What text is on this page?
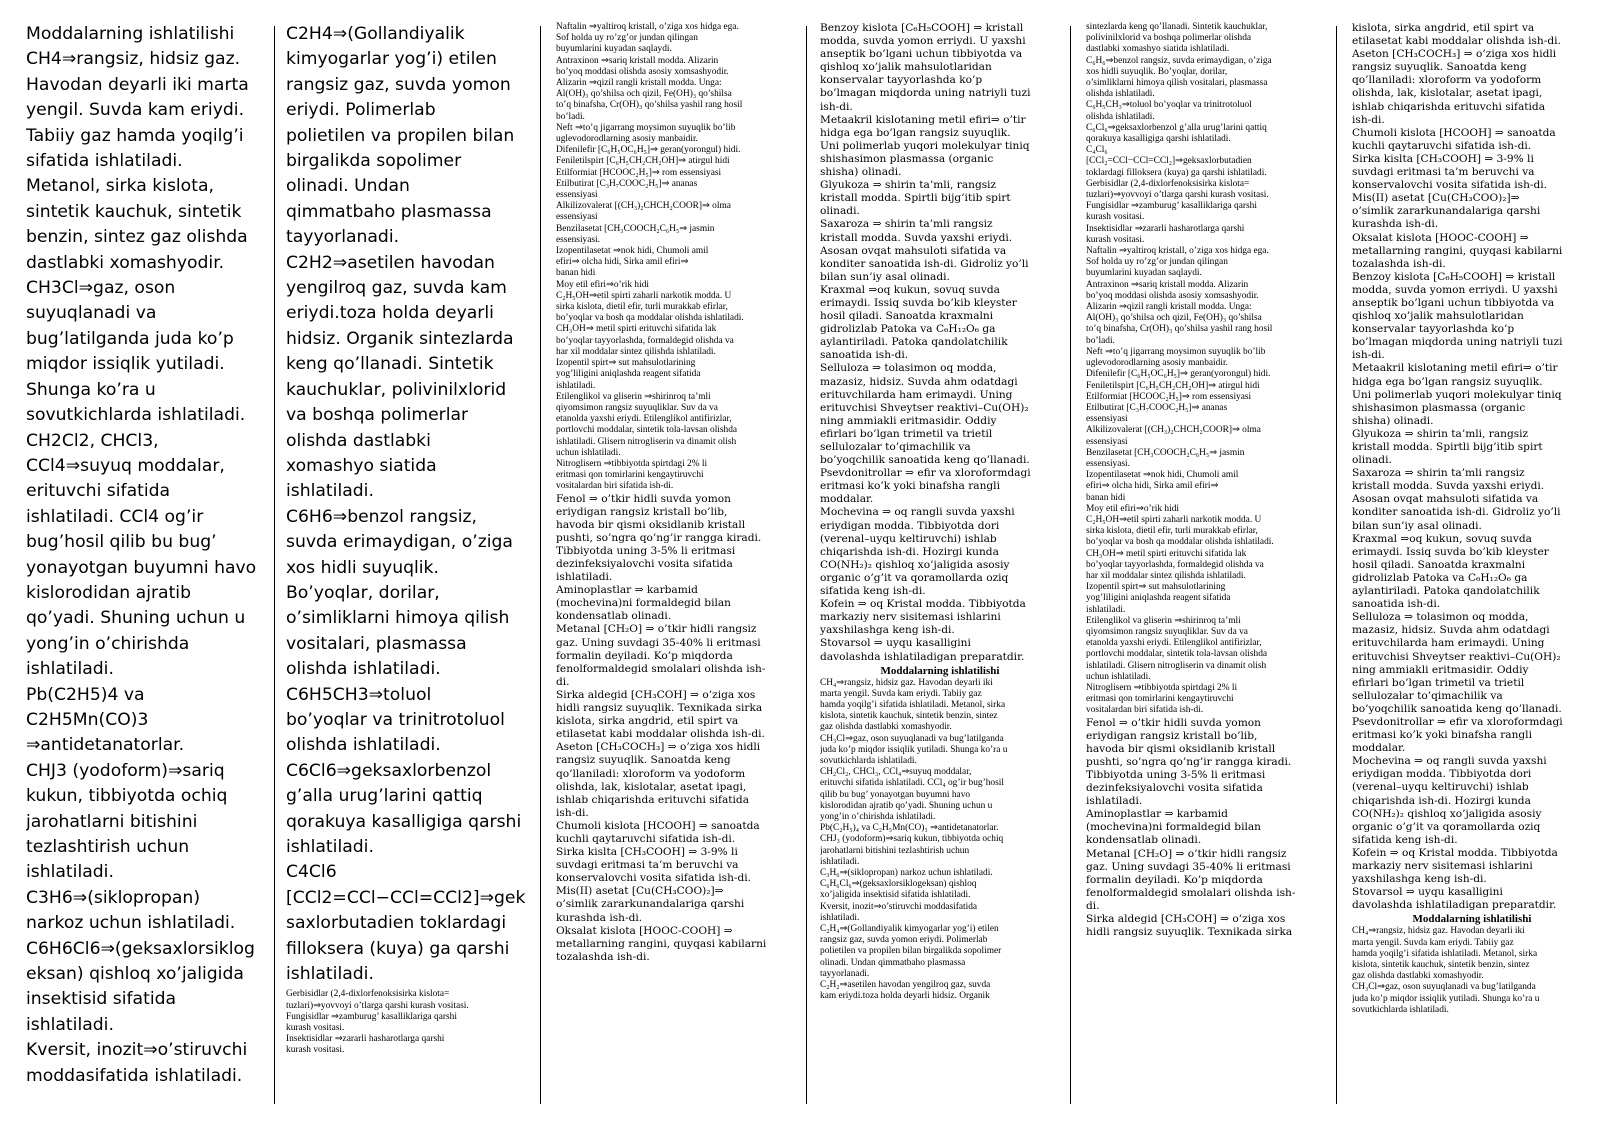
Moddalarning ishlatilishi

CH4⇒rangsiz, hidsiz gaz.

Havodan deyarli iki marta

yengil. Suvda kam eriydi.

Tabiiy gaz hamda yoqilg’i

sifatida ishlatiladi.

Metanol, sirka kislota,

sintetik kauchuk, sintetik

benzin, sintez gaz olishda

dastlabki xomashyodir.

CH3Cl⇒gaz, oson

suyuqlanadi va

bug’latilganda juda ko’p

miqdor issiqlik yutiladi.

Shunga ko’ra u

sovutkichlarda ishlatiladi.

CH2Cl2, CHCl3,

CCl4⇒suyuq moddalar,

erituvchi sifatida

ishlatiladi. CCl4 og’ir

bug’hosil qilib bu bug’

yonayotgan buyumni havo

kislorodidan ajratib

qo’yadi. Shuning uchun u

yong’in o’chirishda

ishlatiladi.

Pb(C2H5)4 va

C2H5Mn(CO)3

⇒antidetanatorlar.

CHJ3 (yodoform)⇒sariq

kukun, tibbiyotda ochiq

jarohatlarni bitishini

tezlashtirish uchun

ishlatiladi.

C3H6⇒(siklopropan)

narkoz uchun ishlatiladi.

C6H6Cl6⇒(geksaxlorsiklog

eksan) qishloq xo’jaligida

insektisid sifatida

ishlatiladi.

Kversit, inozit⇒o’stiruvchi

moddasifatida ishlatiladi.

C2H4⇒(Gollandiyalik

kimyogarlar yog’i) etilen

rangsiz gaz, suvda yomon

eriydi. Polimerlab

polietilen va propilen bilan

birgalikda sopolimer

olinadi. Undan

qimmatbaho plasmassa

tayyorlanadi.

C2H2⇒asetilen havodan

yengilroq gaz, suvda kam

eriydi.toza holda deyarli

hidsiz. Organik sintezlarda

keng qo’llanadi. Sintetik

kauchuklar, polivinilxlorid

va boshqa polimerlar

olishda dastlabki

xomashyo siatida

ishlatiladi.

C6H6⇒benzol rangsiz,

suvda erimaydigan, o’ziga

xos hidli suyuqlik.

Bo’yoqlar, dorilar,

o’simliklarni himoya qilish

vositalari, plasmassa

olishda ishlatiladi.

C6H5CH3⇒toluol

bo’yoqlar va trinitrotoluol

olishda ishlatiladi.

C6Cl6⇒geksaxlorbenzol

g’alla urug’larini qattiq

qorakuya kasalligiga qarshi

ishlatiladi.

C4Cl6

[CCl2=CCl−CCl=CCl2]⇒gek

saxlorbutadien toklardagi

filloksera (kuya) ga qarshi

ishlatiladi.

Gerbisidlar (2,4-dixlorfenoksisirka kislota=

tuzlari)⇒yovvoyi o’tlarga qarshi kurash vositasi.

Fungisidlar ⇒zamburug’ kasalliklariga qarshi

kurash vositasi.

Insektisidlar ⇒zararli hasharotlarga qarshi

kurash vositasi.

Naftalin ⇒yaltiroq kristall, o’ziga xos hidga ega.

Sof holda uy ro’zg’or jundan qilingan

buyumlarini kuyadan saqlaydi.

Antraxinon ⇒sariq kristall modda. Alizarin

bo’yoq moddasi olishda asosiy xomsashyodir.

Alizarin ⇒qizil rangli kristall modda. Unga:

Al(OH)₃ qo’shilsa och qizil, Fe(OH)₃ qo’shilsa

to’q binafsha, Cr(OH)₃ qo’shilsa yashil rang hosil

bo’ladi.

Neft ⇒to’q jigarrang moysimon suyuqlik bo’lib

uglevodorodlarning asosiy manbaidir.

Difenilefir [C₆H₅OC₆H₅]⇒ geran(yorongul) hidi.

Feniletilspirt [C₆H₅CH₂CH₂OH]⇒ atirgul hidi

Etilformiat [HCOOC₂H₅]⇒ rom essensiyasi

Etilbutirat [C₃H₇COOC₂H₅]⇒ ananas

essensiyasi

Alkilizovalerat [(CH₃)₂CHCH₂COOR]⇒ olma

essensiyasi

Benzilasetat [CH₃COOCH₂C₆H₅⇒ jasmin

essensiyasi.

Izopentilasetat ⇒nok hidi, Chumoli amil

efiri⇒ olcha hidi, Sirka amil efiri⇒

banan hidi

Moy etil efiri⇒o’rik hidi

C₂H₅OH⇒etil spirti zaharli narkotik modda. U

sirka kislota, dietil efir, turli murakkab efirlar,

bo’yoqlar va bosh qa moddalar olishda ishlatiladi.

CH₃OH⇒ metil spirti erituvchi sifatida lak

bo’yoqlar tayyorlashda, formaldegid olishda va

har xil moddalar sintez qilishda ishlatiladi.

Izopentil spirt⇒ sut mahsulotlarining

yog’liligini aniqlashda reagent sifatida

ishlatiladi.

Etilenglikol va gliserin ⇒shirinroq ta’mli

qiyomsimon rangsiz suyuqliklar. Suv da va

etanolda yaxshi eriydi. Etilenglikol antifirizlar,

portlovchi moddalar, sintetik tola-lavsan olishda

ishlatiladi. Glisern nitrogliserin va dinamit olish

uchun ishlatiladi.

Nitroglisern ⇒tibbiyotda spirtdagi 2% li

eritmasi qon tomirlarini kengaytiruvchi

vositalardan biri sifatida ish-di.

Fenol ⇒ o’tkir hidli suvda yomon

eriydigan rangsiz kristall bo’lib,

havoda bir qismi oksidlanib kristall

pushti, so’ngra qo’ng’ir rangga kiradi.

Tibbiyotda uning 3-5% li eritmasi

dezinfeksiyalovchi vosita sifatida

ishlatiladi.

Aminoplastlar ⇒ karbamid

(mochevina)ni formaldegid bilan

kondensatlab olinadi.

Metanal [CH₂O] ⇒ o’tkir hidli rangsiz

gaz. Uning suvdagi 35-40% li eritmasi

formalin deyiladi. Ko’p miqdorda

fenolformaldegid smolalari olishda ish-

di.

Sirka aldegid [CH₃COH] ⇒ o’ziga xos

hidli rangsiz suyuqlik. Texnikada sirka

kislota, sirka angdrid, etil spirt va

etilasetat kabi moddalar olishda ish-di.

Aseton [CH₃COCH₃] ⇒ o’ziga xos hidli

rangsiz suyuqlik. Sanoatda keng

qo’llaniladi: xloroform va yodoform

olishda, lak, kislotalar, asetat ipagi,

ishlab chiqarishda erituvchi sifatida

ish-di.

Chumoli kislota [HCOOH] ⇒ sanoatda

kuchli qaytaruvchi sifatida ish-di.

Sirka kislta [CH₃COOH] ⇒ 3-9% li

suvdagi eritmasi ta’m beruvchi va

konservalovchi vosita sifatida ish-di.

Mis(II) asetat [Cu(CH₃COO)₂]⇒

o’simlik zararkunandalariga qarshi

kurashda ish-di.

Oksalat kislota [HOOC-COOH] ⇒

metallarning rangini, quyqasi kabilarni

tozalashda ish-di.

Benzoy kislota [C₆H₅COOH] ⇒ kristall

modda, suvda yomon erriydi. U yaxshi

anseptik bo’lgani uchun tibbiyotda va

qishloq xo’jalik mahsulotlaridan

konservalar tayyorlashda ko’p

bo’lmagan miqdorda uning natriyli tuzi

ish-di.

Metaakril kislotaning metil efiri⇒ o’tir

hidga ega bo’lgan rangsiz suyuqlik.

Uni polimerlab yuqori molekulyar tiniq

shishasimon plasmassa (organic

shisha) olinadi.

Glyukoza ⇒ shirin ta’mli, rangsiz

kristall modda. Spirtli bijg’itib spirt

olinadi.

Saxaroza ⇒ shirin ta’mli rangsiz

kristall modda. Suvda yaxshi eriydi.

Asosan ovqat mahsuloti sifatida va

konditer sanoatida ish-di. Gidroliz yo’li

bilan sun’iy asal olinadi.

Kraxmal ⇒oq kukun, sovuq suvda

erimaydi. Issiq suvda bo’kib kleyster

hosil qiladi. Sanoatda kraxmalni

gidrolizlab Patoka va C₆H₁₂O₆ ga

aylantiriladi. Patoka qandolatchilik

sanoatida ish-di.

Selluloza ⇒ tolasimon oq modda,

mazasiz, hidsiz. Suvda ahm odatdagi

erituvchilarda ham erimaydi. Uning

erituvchisi Shveytser reaktivi–Cu(OH)₂

ning ammiakli eritmasidir. Oddiy

efirlari bo’lgan trimetil va trietil

sellulozalar to’qimachilik va

bo’yoqchilik sanoatida keng qo’llanadi.

Psevdonitrollar ⇒ efir va xloroformdagi

eritmasi ko’k yoki binafsha rangli

moddalar.

Mochevina ⇒ oq rangli suvda yaxshi

eriydigan modda. Tibbiyotda dori

(verenal–uyqu keltiruvchi) ishlab

chiqarishda ish-di. Hozirgi kunda

CO(NH₂)₂ qishloq xo’jaligida asosiy

organic o’g’it va qoramollarda oziq

sifatida keng ish-di.

Kofein ⇒ oq Kristal modda. Tibbiyotda

markaziy nerv sisitemasi ishlarini

yaxshilashga keng ish-di.

Stovarsol ⇒ uyqu kasalligini

davolashda ishlatiladigan preparatdir.

Moddalarning ishlatilishi

CH₄⇒rangsiz, hidsiz gaz. Havodan deyarli iki

marta yengil. Suvda kam eriydi. Tabiiy gaz

hamda yoqilg’i sifatida ishlatiladi. Metanol, sirka

kislota, sintetik kauchuk, sintetik benzin, sintez

gaz olishda dastlabki xomashyodir.

CH₃Cl⇒gaz, oson suyuqlanadi va bug’latilganda

juda ko’p miqdor issiqlik yutiladi. Shunga ko’ra u

sovutkichlarda ishlatiladi.

CH₂Cl₂, CHCl₃, CCl₄⇒suyuq moddalar,

erituvchi sifatida ishlatiladi. CCl₄ og’ir bug’hosil

qilib bu bug’ yonayotgan buyumni havo

kislorodidan ajratib qo’yadi. Shuning uchun u

yong’in o’chirishda ishlatiladi.

Pb(C₂H₅)₄ va C₂H₅Mn(CO)₃ ⇒antidetanatorlar.

CHJ₃ (yodoform)⇒sariq kukun, tibbiyotda ochiq

jarohatlarni bitishini tezlashtirish uchun

ishlatiladi.

C₃H₆⇒(siklopropan) narkoz uchun ishlatiladi.

C₆H₆Cl₆⇒(geksaxlorsiklogeksan) qishloq

xo’jaligida insektisid sifatida ishlatiladi.

Kversit, inozit⇒o’stiruvchi moddasifatida

ishlatiladi.

C₂H₄⇒(Gollandiyalik kimyogarlar yog’i) etilen

rangsiz gaz, suvda yomon eriydi. Polimerlab

polietilen va propilen bilan birgalikda sopolimer

olinadi. Undan qimmatbaho plasmassa

tayyorlanadi.

C₂H₂⇒asetilen havodan yengilroq gaz, suvda

kam eriydi.toza holda deyarli hidsiz. Organik

sintezlarda keng qo’llanadi. Sintetik kauchuklar,

polivinilxlorid va boshqa polimerlar olishda

dastlabki xomashyo siatida ishlatiladi.

C₆H₆⇒benzol rangsiz, suvda erimaydigan, o’ziga

xos hidli suyuqlik. Bo’yoqlar, dorilar,

o’simliklarni himoya qilish vositalari, plasmassa

olishda ishlatiladi.

C₆H₅CH₃⇒toluol bo’yoqlar va trinitrotoluol

olishda ishlatiladi.

C₆Cl₆⇒geksaxlorbenzol g’alla urug’larini qattiq

qorakuya kasalligiga qarshi ishlatiladi.

C₄Cl₆

[CCl₂=CCl−CCl=CCl₂]⇒geksaxlorbutadien

toklardagi filloksera (kuya) ga qarshi ishlatiladi.

Gerbisidlar (2,4-dixlorfenoksisirka kislota=

tuzlari)⇒yovvoyi o’tlarga qarshi kurash vositasi.

Fungisidlar ⇒zamburug’ kasalliklariga qarshi

kurash vositasi.

Insektisidlar ⇒zararli hasharotlarga qarshi

kurash vositasi.

Naftalin ⇒yaltiroq kristall, o’ziga xos hidga ega.

Sof holda uy ro’zg’or jundan qilingan

buyumlarini kuyadan saqlaydi.

Antraxinon ⇒sariq kristall modda. Alizarin

bo’yoq moddasi olishda asosiy xomsashyodir.

Alizarin ⇒qizil rangli kristall modda. Unga:

Al(OH)₃ qo’shilsa och qizil, Fe(OH)₃ qo’shilsa

to’q binafsha, Cr(OH)₃ qo’shilsa yashil rang hosil

bo’ladi.

Neft ⇒to’q jigarrang moysimon suyuqlik bo’lib

uglevodorodlarning asosiy manbaidir.

Difenilefir [C₆H₅OC₆H₅]⇒ geran(yorongul) hidi.

Feniletilspirt [C₆H₅CH₂CH₂OH]⇒ atirgul hidi

Etilformiat [HCOOC₂H₅]⇒ rom essensiyasi

Etilbutirat [C₃H₇COOC₂H₅]⇒ ananas

essensiyasi

Alkilizovalerat [(CH₃)₂CHCH₂COOR]⇒ olma

essensiyasi

Benzilasetat [CH₃COOCH₂C₆H₅⇒ jasmin

essensiyasi.

Izopentilasetat ⇒nok hidi, Chumoli amil

efiri⇒ olcha hidi, Sirka amil efiri⇒

banan hidi

Moy etil efiri⇒o’rik hidi

C₂H₅OH⇒etil spirti zaharli narkotik modda. U

sirka kislota, dietil efir, turli murakkab efirlar,

bo’yoqlar va bosh qa moddalar olishda ishlatiladi.

CH₃OH⇒ metil spirti erituvchi sifatida lak

bo’yoqlar tayyorlashda, formaldegid olishda va

har xil moddalar sintez qilishda ishlatiladi.

Izopentil spirt⇒ sut mahsulotlarining

yog’liligini aniqlashda reagent sifatida

ishlatiladi.

Etilenglikol va gliserin ⇒shirinroq ta’mli

qiyomsimon rangsiz suyuqliklar. Suv da va

etanolda yaxshi eriydi. Etilenglikol antifirizlar,

portlovchi moddalar, sintetik tola-lavsan olishda

ishlatiladi. Glisern nitrogliserin va dinamit olish

uchun ishlatiladi.

Nitroglisern ⇒tibbiyotda spirtdagi 2% li

eritmasi qon tomirlarini kengaytiruvchi

vositalardan biri sifatida ish-di.

Fenol ⇒ o’tkir hidli suvda yomon

eriydigan rangsiz kristall bo’lib,

havoda bir qismi oksidlanib kristall

pushti, so’ngra qo’ng’ir rangga kiradi.

Tibbiyotda uning 3-5% li eritmasi

dezinfeksiyalovchi vosita sifatida

ishlatiladi.

Aminoplastlar ⇒ karbamid

(mochevina)ni formaldegid bilan

kondensatlab olinadi.

Metanal [CH₂O] ⇒ o’tkir hidli rangsiz

gaz. Uning suvdagi 35-40% li eritmasi

formalin deyiladi. Ko’p miqdorda

fenolformaldegid smolalari olishda ish-

di.

Sirka aldegid [CH₃COH] ⇒ o’ziga xos

hidli rangsiz suyuqlik. Texnikada sirka

kislota, sirka angdrid, etil spirt va

etilasetat kabi moddalar olishda ish-di.

Aseton [CH₃COCH₃] ⇒ o’ziga xos hidli

rangsiz suyuqlik. Sanoatda keng

qo’llaniladi: xloroform va yodoform

olishda, lak, kislotalar, asetat ipagi,

ishlab chiqarishda erituvchi sifatida

ish-di.

Chumoli kislota [HCOOH] ⇒ sanoatda

kuchli qaytaruvchi sifatida ish-di.

Sirka kislta [CH₃COOH] ⇒ 3-9% li

suvdagi eritmasi ta’m beruvchi va

konservalovchi vosita sifatida ish-di.

Mis(II) asetat [Cu(CH₃COO)₂]⇒

o’simlik zararkunandalariga qarshi

kurashda ish-di.

Oksalat kislota [HOOC-COOH] ⇒

metallarning rangini, quyqasi kabilarni

tozalashda ish-di.

Benzoy kislota [C₆H₅COOH] ⇒ kristall

modda, suvda yomon erriydi. U yaxshi

anseptik bo’lgani uchun tibbiyotda va

qishloq xo’jalik mahsulotlaridan

konservalar tayyorlashda ko’p

bo’lmagan miqdorda uning natriyli tuzi

ish-di.

Metaakril kislotaning metil efiri⇒ o’tir

hidga ega bo’lgan rangsiz suyuqlik.

Uni polimerlab yuqori molekulyar tiniq

shishasimon plasmassa (organic

shisha) olinadi.

Glyukoza ⇒ shirin ta’mli, rangsiz

kristall modda. Spirtli bijg’itib spirt

olinadi.

Saxaroza ⇒ shirin ta’mli rangsiz

kristall modda. Suvda yaxshi eriydi.

Asosan ovqat mahsuloti sifatida va

konditer sanoatida ish-di. Gidroliz yo’li

bilan sun’iy asal olinadi.

Kraxmal ⇒oq kukun, sovuq suvda

erimaydi. Issiq suvda bo’kib kleyster

hosil qiladi. Sanoatda kraxmalni

gidrolizlab Patoka va C₆H₁₂O₆ ga

aylantiriladi. Patoka qandolatchilik

sanoatida ish-di.

Selluloza ⇒ tolasimon oq modda,

mazasiz, hidsiz. Suvda ahm odatdagi

erituvchilarda ham erimaydi. Uning

erituvchisi Shveytser reaktivi–Cu(OH)₂

ning ammiakli eritmasidir. Oddiy

efirlari bo’lgan trimetil va trietil

sellulozalar to’qimachilik va

bo’yoqchilik sanoatida keng qo’llanadi.

Psevdonitrollar ⇒ efir va xloroformdagi

eritmasi ko’k yoki binafsha rangli

moddalar.

Mochevina ⇒ oq rangli suvda yaxshi

eriydigan modda. Tibbiyotda dori

(verenal–uyqu keltiruvchi) ishlab

chiqarishda ish-di. Hozirgi kunda

CO(NH₂)₂ qishloq xo’jaligida asosiy

organic o’g’it va qoramollarda oziq

sifatida keng ish-di.

Kofein ⇒ oq Kristal modda. Tibbiyotda

markaziy nerv sisitemasi ishlarini

yaxshilashga keng ish-di.

Stovarsol ⇒ uyqu kasalligini

davolashda ishlatiladigan preparatdir.

Moddalarning ishlatilishi

CH₄⇒rangsiz, hidsiz gaz. Havodan deyarli iki

marta yengil. Suvda kam eriydi. Tabiiy gaz

hamda yoqilg’i sifatida ishlatiladi. Metanol, sirka

kislota, sintetik kauchuk, sintetik benzin, sintez

gaz olishda dastlabki xomashyodir.

CH₃Cl⇒gaz, oson suyuqlanadi va bug’latilganda

juda ko’p miqdor issiqlik yutiladi. Shunga ko’ra u

sovutkichlarda ishlatiladi.
